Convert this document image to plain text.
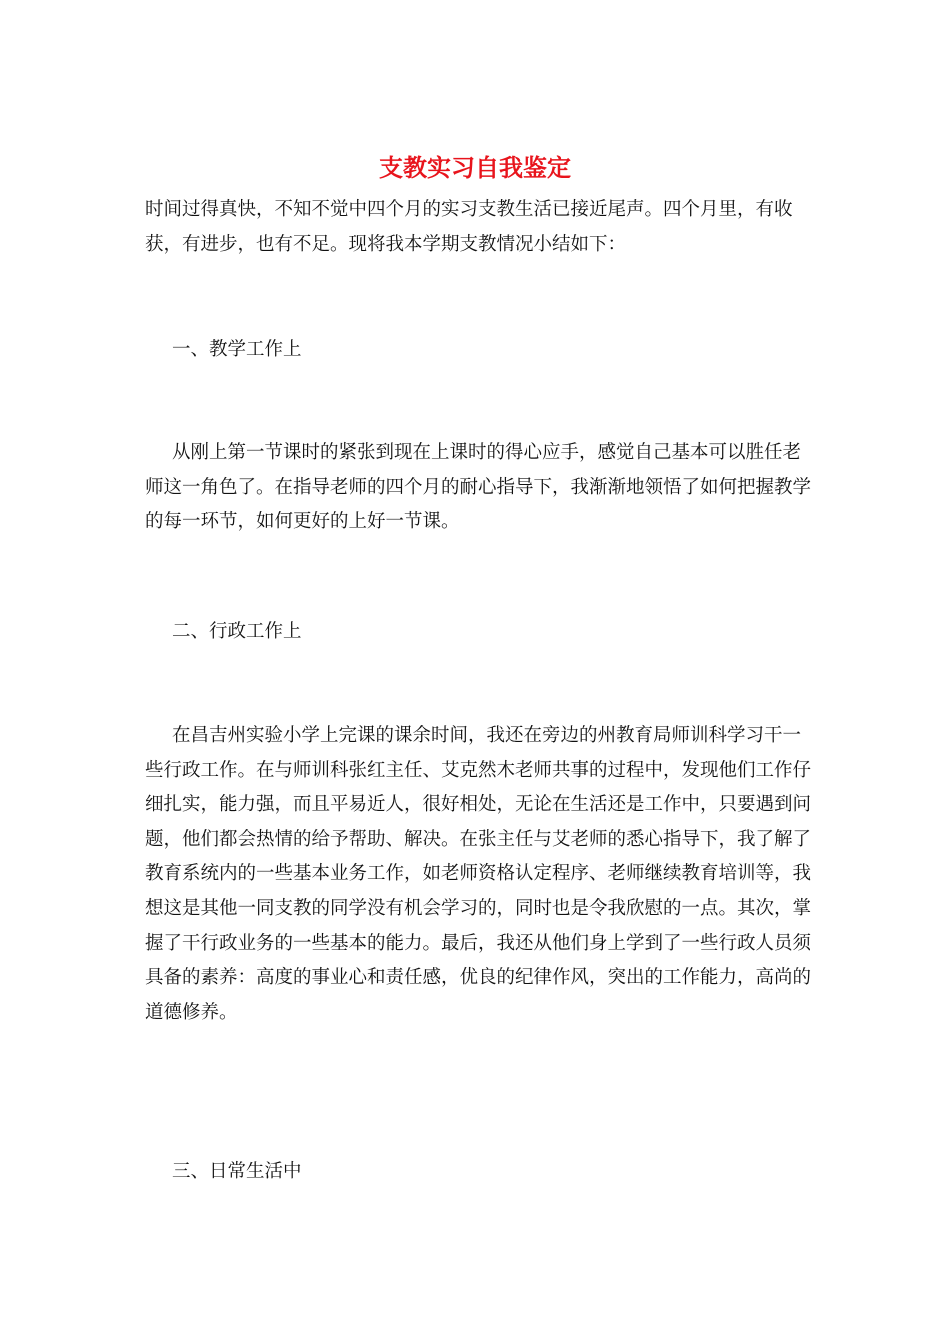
支教实习自我鉴定

时间过得真快，不知不觉中四个月的实习支教生活已接近尾声。四个月里，有收获，有进步，也有不足。现将我本学期支教情况小结如下：

一、教学工作上

从刚上第一节课时的紧张到现在上课时的得心应手，感觉自己基本可以胜任老师这一角色了。在指导老师的四个月的耐心指导下，我渐渐地领悟了如何把握教学的每一环节，如何更好的上好一节课。

二、行政工作上

在昌吉州实验小学上完课的课余时间，我还在旁边的州教育局师训科学习干一些行政工作。在与师训科张红主任、艾克然木老师共事的过程中，发现他们工作仔细扎实，能力强，而且平易近人，很好相处，无论在生活还是工作中，只要遇到问题，他们都会热情的给予帮助、解决。在张主任与艾老师的悉心指导下，我了解了教育系统内的一些基本业务工作，如老师资格认定程序、老师继续教育培训等，我想这是其他一同支教的同学没有机会学习的，同时也是令我欣慰的一点。其次，掌握了干行政业务的一些基本的能力。最后，我还从他们身上学到了一些行政人员须具备的素养：高度的事业心和责任感，优良的纪律作风，突出的工作能力，高尚的道德修养。

三、日常生活中
